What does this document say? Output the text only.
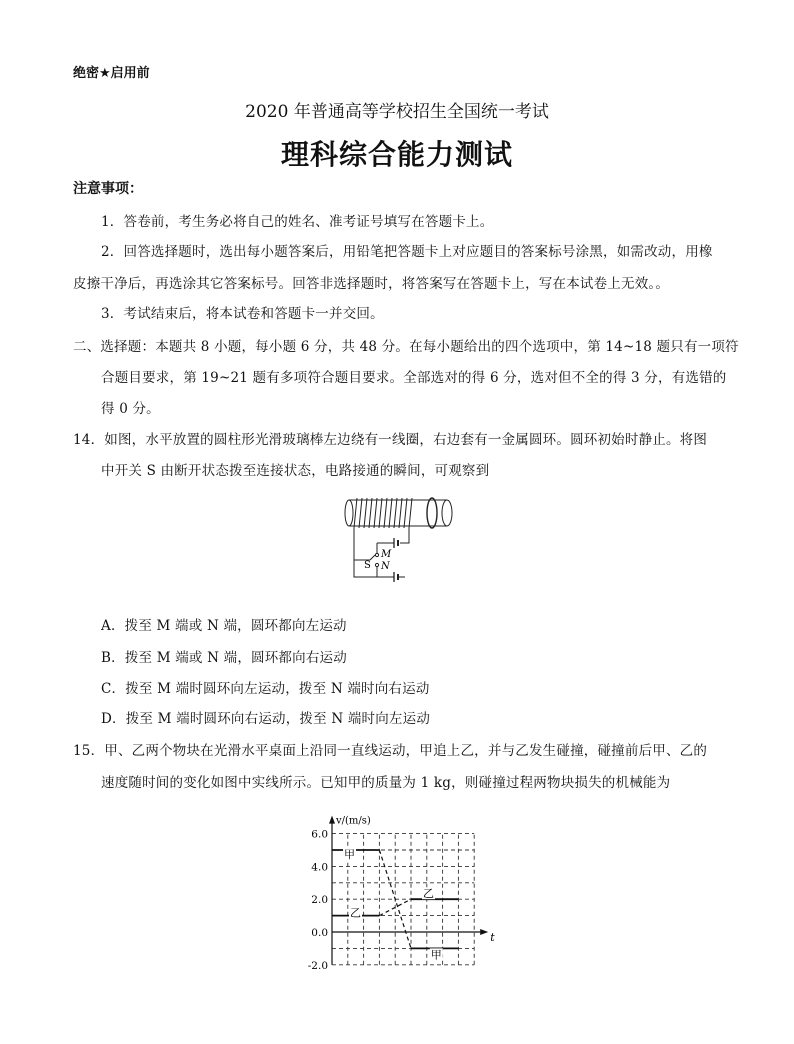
绝密★启用前
2020 年普通高等学校招生全国统一考试
理科综合能力测试
注意事项：
1．答卷前，考生务必将自己的姓名、准考证号填写在答题卡上。
2．回答选择题时，选出每小题答案后，用铅笔把答题卡上对应题目的答案标号涂黑，如需改动，用橡
皮擦干净后，再选涂其它答案标号。回答非选择题时，将答案写在答题卡上，写在本试卷上无效。。
3．考试结束后，将本试卷和答题卡一并交回。
二、选择题：本题共 8 小题，每小题 6 分，共 48 分。在每小题给出的四个选项中，第 14~18 题只有一项符
合题目要求，第 19~21 题有多项符合题目要求。全部选对的得 6 分，选对但不全的得 3 分，有选错的
得 0 分。
14．如图，水平放置的圆柱形光滑玻璃棒左边绕有一线圈，右边套有一金属圆环。圆环初始时静止。将图
中开关 S 由断开状态拨至连接状态，电路接通的瞬间，可观察到
M
N
S
A．拨至 M 端或 N 端，圆环都向左运动
B．拨至 M 端或 N 端，圆环都向右运动
C．拨至 M 端时圆环向左运动，拨至 N 端时向右运动
D．拨至 M 端时圆环向右运动，拨至 N 端时向左运动
15．甲、乙两个物块在光滑水平桌面上沿同一直线运动，甲追上乙，并与乙发生碰撞，碰撞前后甲、乙的
速度随时间的变化如图中实线所示。已知甲的质量为 1 kg，则碰撞过程两物块损失的机械能为
v/(m/s)
t
6.0
4.0
2.0
0.0
-2.0
甲
甲
乙
乙
